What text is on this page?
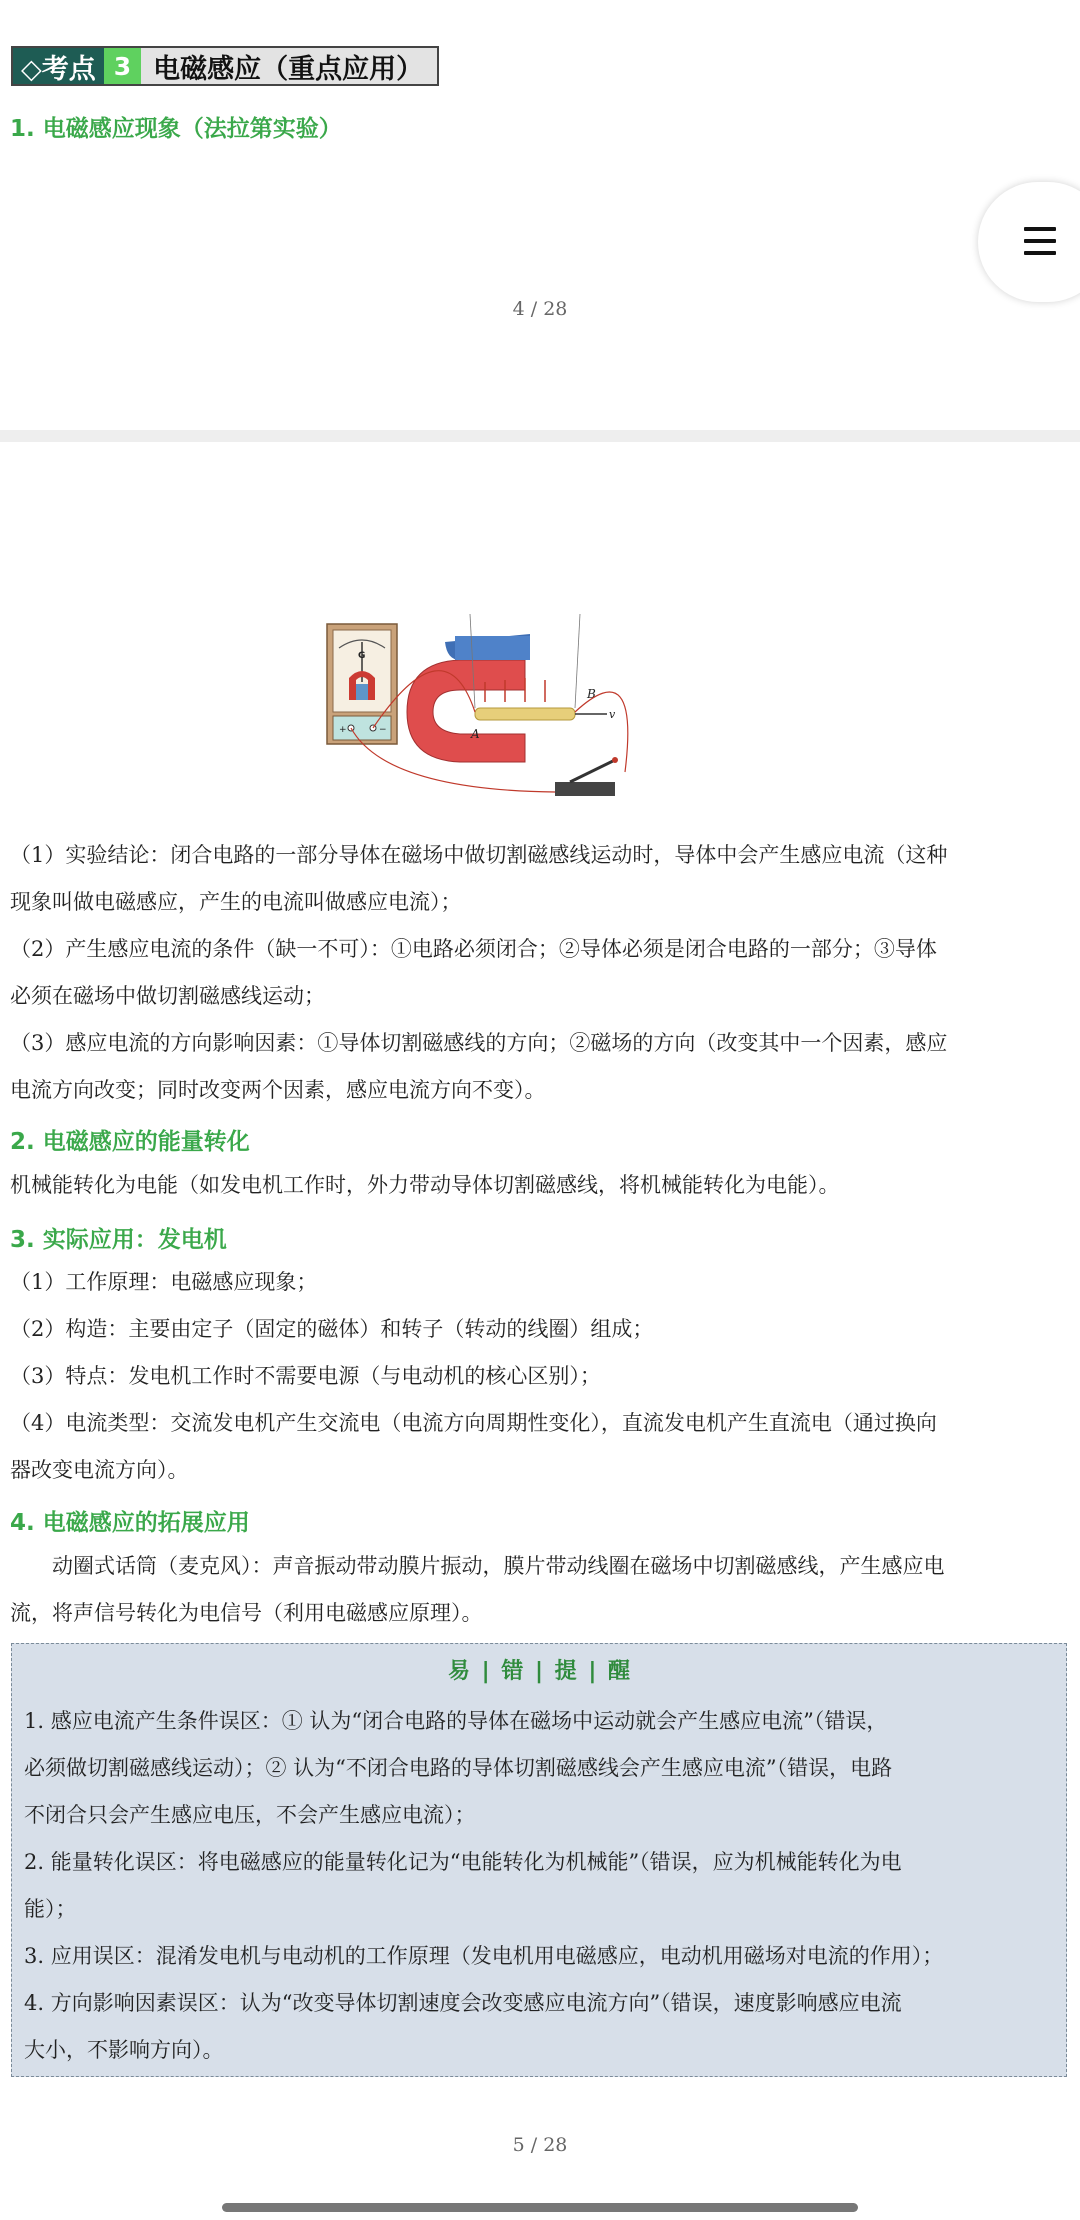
◇考点 3 电磁感应（重点应用）
1. 电磁感应现象（法拉第实验）
4 / 28
G
+	−	A
B
v
（1）实验结论：闭合电路的一部分导体在磁场中做切割磁感线运动时，导体中会产生感应电流（这种
现象叫做电磁感应，产生的电流叫做感应电流）；
（2）产生感应电流的条件（缺一不可）：①电路必须闭合；②导体必须是闭合电路的一部分；③导体
必须在磁场中做切割磁感线运动；
（3）感应电流的方向影响因素：①导体切割磁感线的方向；②磁场的方向（改变其中一个因素，感应
电流方向改变；同时改变两个因素，感应电流方向不变）。
2. 电磁感应的能量转化
机械能转化为电能（如发电机工作时，外力带动导体切割磁感线，将机械能转化为电能）。
3. 实际应用：发电机
（1）工作原理：电磁感应现象；
（2）构造：主要由定子（固定的磁体）和转子（转动的线圈）组成；
（3）特点：发电机工作时不需要电源（与电动机的核心区别）；
（4）电流类型：交流发电机产生交流电（电流方向周期性变化），直流发电机产生直流电（通过换向
器改变电流方向）。
4. 电磁感应的拓展应用
　　动圈式话筒（麦克风）：声音振动带动膜片振动，膜片带动线圈在磁场中切割磁感线，产生感应电
流，将声信号转化为电信号（利用电磁感应原理）。
易 | 错 | 提 | 醒
1. 感应电流产生条件误区：① 认为“闭合电路的导体在磁场中运动就会产生感应电流”（错误，
必须做切割磁感线运动）；② 认为“不闭合电路的导体切割磁感线会产生感应电流”（错误，电路
不闭合只会产生感应电压，不会产生感应电流）；
2. 能量转化误区：将电磁感应的能量转化记为“电能转化为机械能”（错误，应为机械能转化为电
能）；
3. 应用误区：混淆发电机与电动机的工作原理（发电机用电磁感应，电动机用磁场对电流的作用）；
4. 方向影响因素误区：认为“改变导体切割速度会改变感应电流方向”（错误，速度影响感应电流
大小，不影响方向）。
5 / 28
